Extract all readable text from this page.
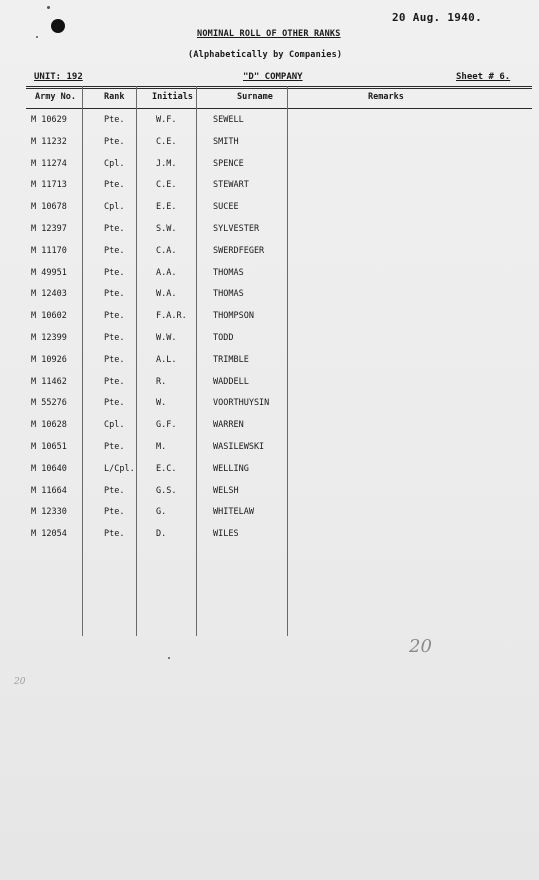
20 Aug. 1940.
NOMINAL ROLL OF OTHER RANKS
(Alphabetically by Companies)
UNIT: 192	"D" COMPANY	Sheet # 6.
Army No.	Rank	Initials	Surname	Remarks
M 10629	Pte.	W.F.	SEWELL
M 11232	Pte.	C.E.	SMITH
M 11274	Cpl.	J.M.	SPENCE
M 11713	Pte.	C.E.	STEWART
M 10678	Cpl.	E.E.	SUCEE
M 12397	Pte.	S.W.	SYLVESTER
M 11170	Pte.	C.A.	SWERDFEGER
M 49951	Pte.	A.A.	THOMAS
M 12403	Pte.	W.A.	THOMAS
M 10602	Pte.	F.A.R.	THOMPSON
M 12399	Pte.	W.W.	TODD
M 10926	Pte.	A.L.	TRIMBLE
M 11462	Pte.	R.	WADDELL
M 55276	Pte.	W.	VOORTHUYSIN
M 10628	Cpl.	G.F.	WARREN
M 10651	Pte.	M.	WASILEWSKI
M 10640	L/Cpl.	E.C.	WELLING
M 11664	Pte.	G.S.	WELSH
M 12330	Pte.	G.	WHITELAW
M 12054	Pte.	D.	WILES
20
20
